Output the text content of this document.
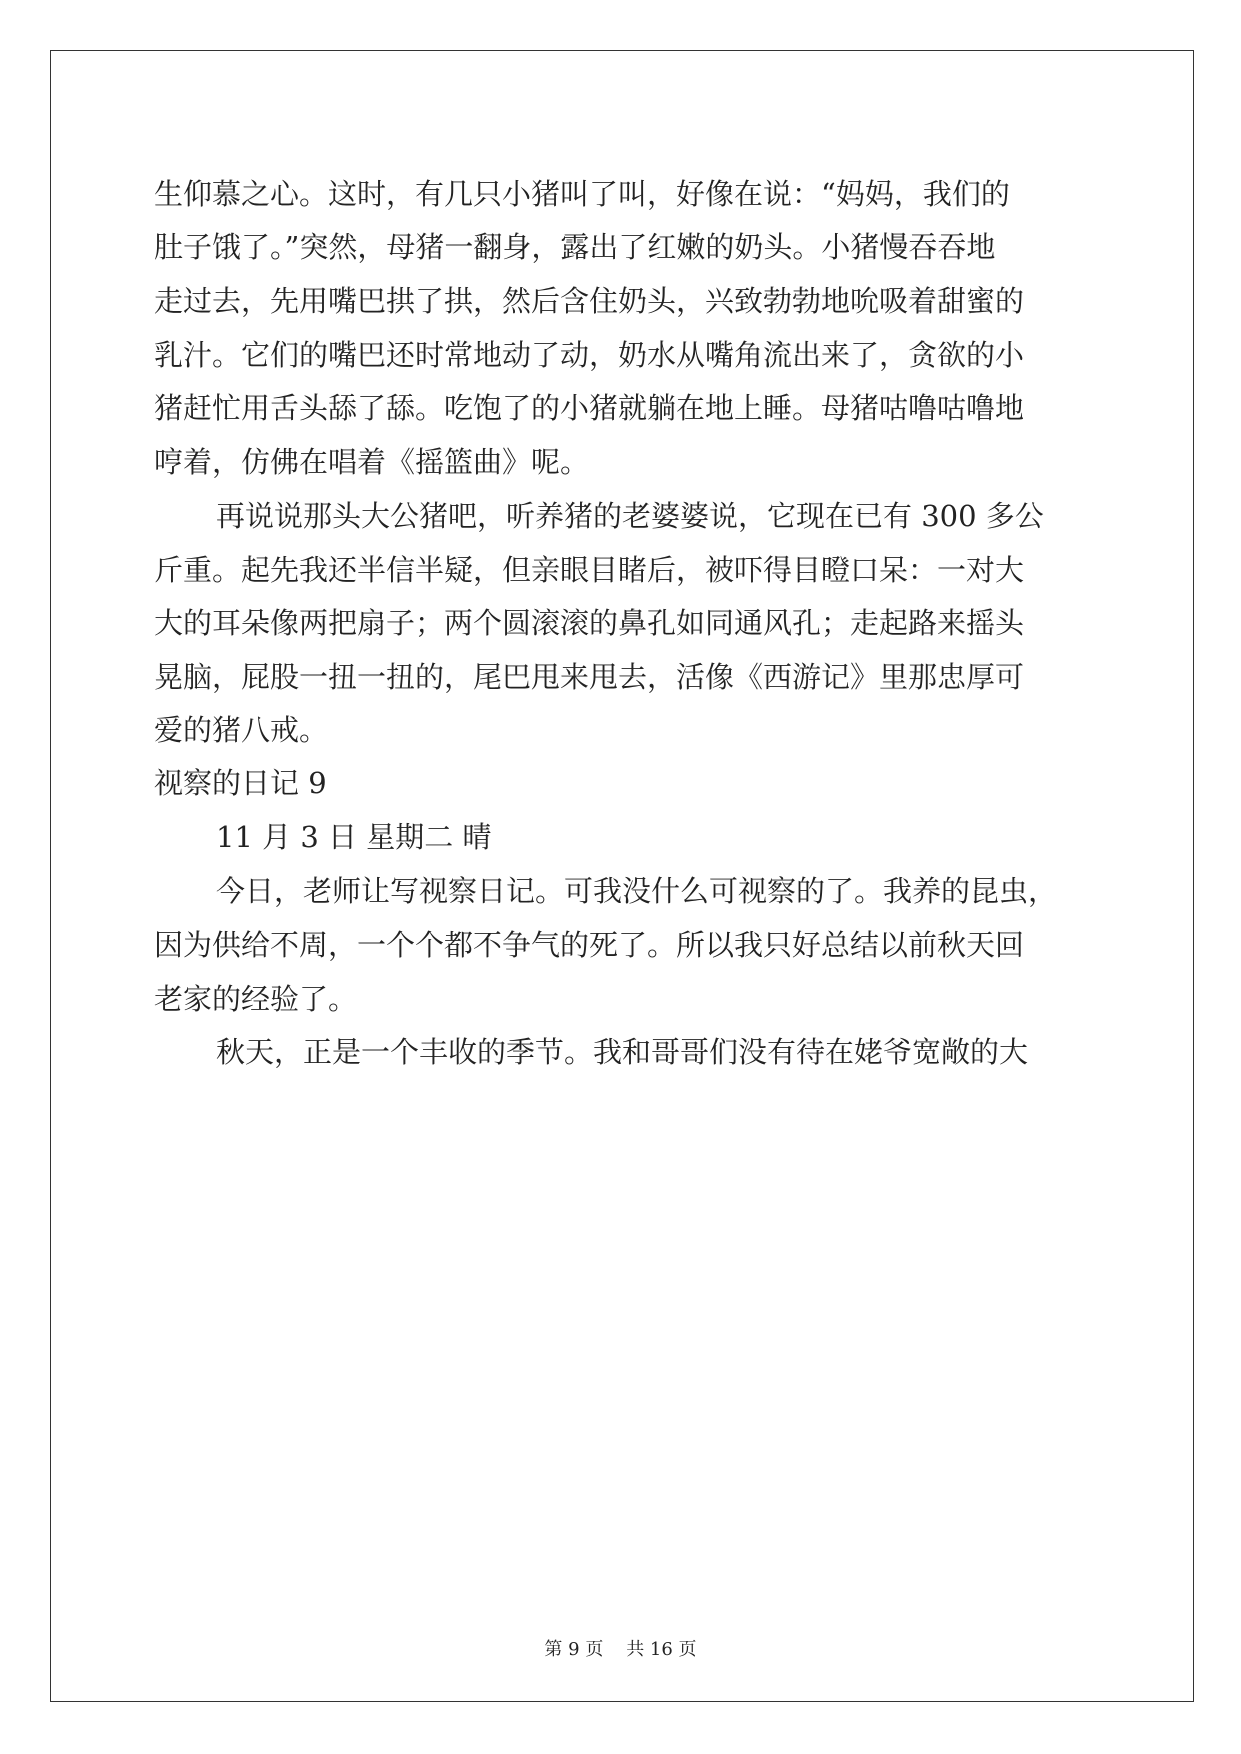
生仰慕之心。这时，有几只小猪叫了叫，好像在说：“妈妈，我们的

肚子饿了。”突然，母猪一翻身，露出了红嫩的奶头。小猪慢吞吞地

走过去，先用嘴巴拱了拱，然后含住奶头，兴致勃勃地吮吸着甜蜜的

乳汁。它们的嘴巴还时常地动了动，奶水从嘴角流出来了，贪欲的小

猪赶忙用舌头舔了舔。吃饱了的小猪就躺在地上睡。母猪咕噜咕噜地

哼着，仿佛在唱着《摇篮曲》呢。

再说说那头大公猪吧，听养猪的老婆婆说，它现在已有 300 多公

斤重。起先我还半信半疑，但亲眼目睹后，被吓得目瞪口呆：一对大

大的耳朵像两把扇子；两个圆滚滚的鼻孔如同通风孔；走起路来摇头

晃脑，屁股一扭一扭的，尾巴甩来甩去，活像《西游记》里那忠厚可

爱的猪八戒。

视察的日记 9

11 月 3 日 星期二 晴

今日，老师让写视察日记。可我没什么可视察的了。我养的昆虫，

因为供给不周，一个个都不争气的死了。所以我只好总结以前秋天回

老家的经验了。

秋天，正是一个丰收的季节。我和哥哥们没有待在姥爷宽敞的大

第 9 页    共 16 页
